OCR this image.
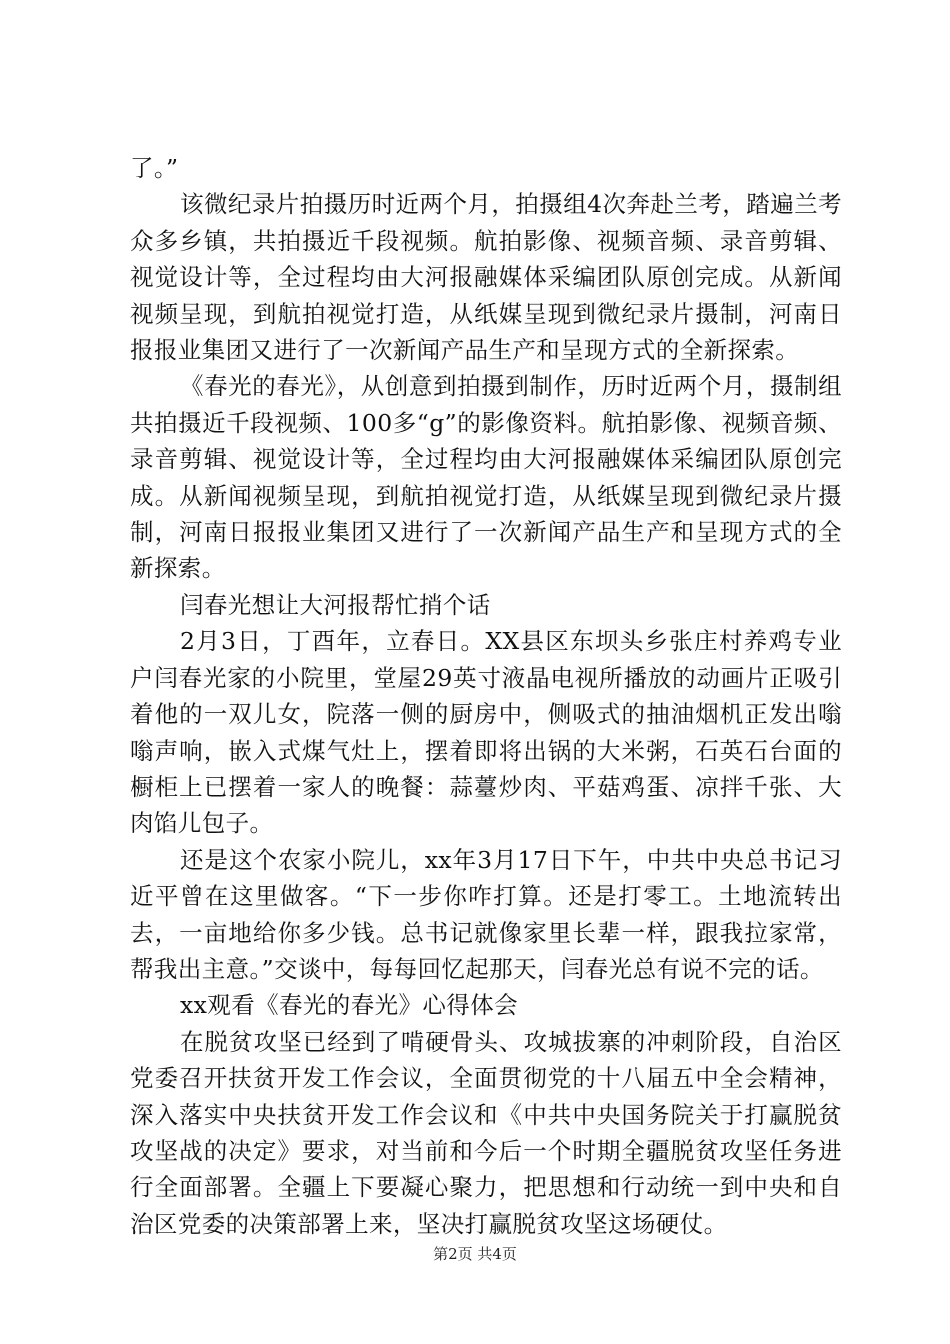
了。”

该微纪录片拍摄历时近两个月，拍摄组4次奔赴兰考，踏遍兰考众多乡镇，共拍摄近千段视频。航拍影像、视频音频、录音剪辑、视觉设计等，全过程均由大河报融媒体采编团队原创完成。从新闻视频呈现，到航拍视觉打造，从纸媒呈现到微纪录片摄制，河南日报报业集团又进行了一次新闻产品生产和呈现方式的全新探索。

《春光的春光》，从创意到拍摄到制作，历时近两个月，摄制组共拍摄近千段视频、100多“g”的影像资料。航拍影像、视频音频、录音剪辑、视觉设计等，全过程均由大河报融媒体采编团队原创完成。从新闻视频呈现，到航拍视觉打造，从纸媒呈现到微纪录片摄制，河南日报报业集团又进行了一次新闻产品生产和呈现方式的全新探索。

闫春光想让大河报帮忙捎个话

2月3日，丁酉年，立春日。XX县区东坝头乡张庄村养鸡专业户闫春光家的小院里，堂屋29英寸液晶电视所播放的动画片正吸引着他的一双儿女，院落一侧的厨房中，侧吸式的抽油烟机正发出嗡嗡声响，嵌入式煤气灶上，摆着即将出锅的大米粥，石英石台面的橱柜上已摆着一家人的晚餐：蒜薹炒肉、平菇鸡蛋、凉拌千张、大肉馅儿包子。

还是这个农家小院儿，xx年3月17日下午，中共中央总书记习近平曾在这里做客。“下一步你咋打算。还是打零工。土地流转出去，一亩地给你多少钱。总书记就像家里长辈一样，跟我拉家常，帮我出主意。”交谈中，每每回忆起那天，闫春光总有说不完的话。

xx观看《春光的春光》心得体会

在脱贫攻坚已经到了啃硬骨头、攻城拔寨的冲刺阶段，自治区党委召开扶贫开发工作会议，全面贯彻党的十八届五中全会精神，深入落实中央扶贫开发工作会议和《中共中央国务院关于打赢脱贫攻坚战的决定》要求，对当前和今后一个时期全疆脱贫攻坚任务进行全面部署。全疆上下要凝心聚力，把思想和行动统一到中央和自治区党委的决策部署上来，坚决打赢脱贫攻坚这场硬仗。

第2页 共4页
